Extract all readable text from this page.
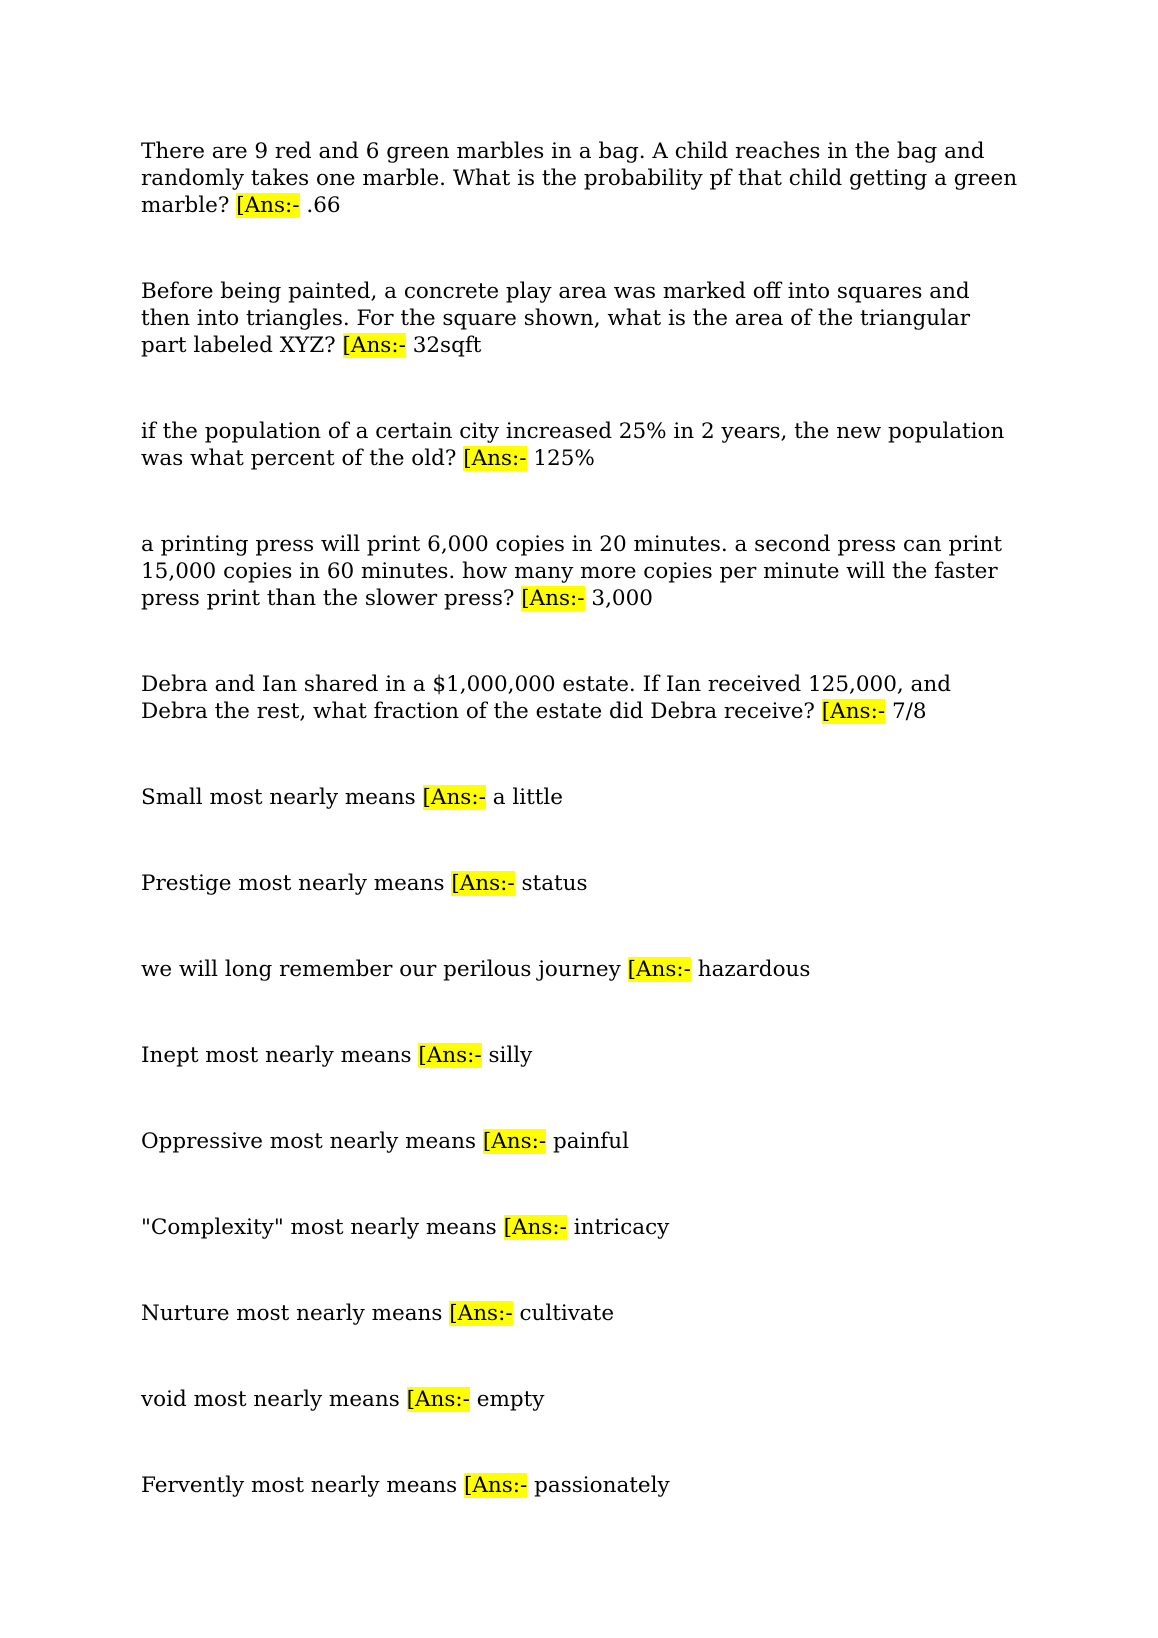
There are 9 red and 6 green marbles in a bag. A child reaches in the bag and randomly takes one marble. What is the probability pf that child getting a green marble? [Ans:- .66

Before being painted, a concrete play area was marked off into squares and then into triangles. For the square shown, what is the area of the triangular part labeled XYZ? [Ans:- 32sqft

if the population of a certain city increased 25% in 2 years, the new population was what percent of the old? [Ans:- 125%

a printing press will print 6,000 copies in 20 minutes. a second press can print 15,000 copies in 60 minutes. how many more copies per minute will the faster press print than the slower press? [Ans:- 3,000

Debra and Ian shared in a $1,000,000 estate. If Ian received 125,000, and Debra the rest, what fraction of the estate did Debra receive? [Ans:- 7/8

Small most nearly means [Ans:- a little

Prestige most nearly means [Ans:- status

we will long remember our perilous journey [Ans:- hazardous

Inept most nearly means [Ans:- silly

Oppressive most nearly means [Ans:- painful

"Complexity" most nearly means [Ans:- intricacy

Nurture most nearly means [Ans:- cultivate

void most nearly means [Ans:- empty

Fervently most nearly means [Ans:- passionately
